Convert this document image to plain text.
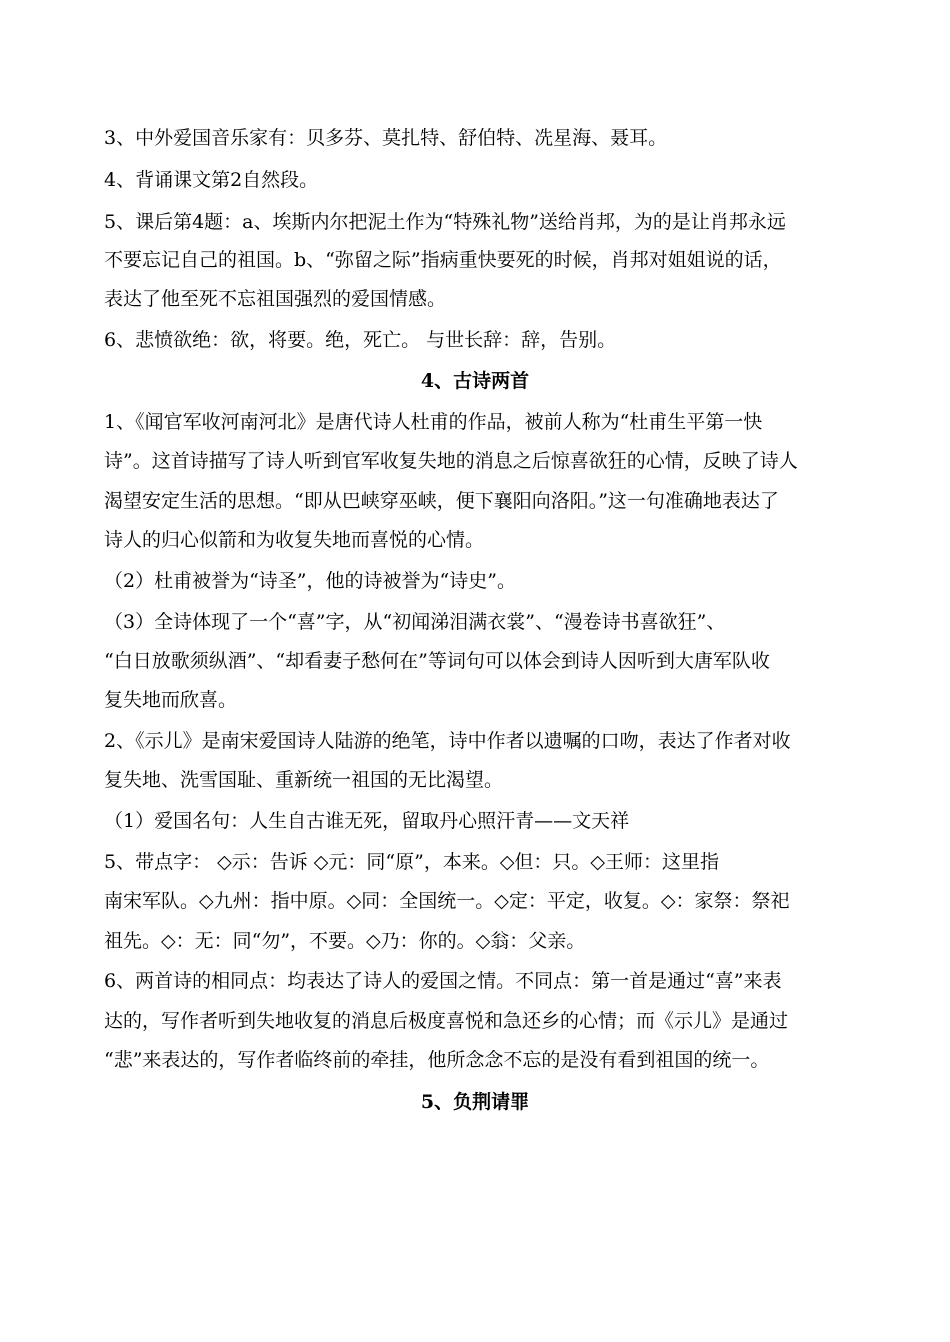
3、中外爱国音乐家有：贝多芬、莫扎特、舒伯特、冼星海、聂耳。
4、背诵课文第2自然段。
5、课后第4题：a、埃斯内尔把泥土作为“特殊礼物”送给肖邦，为的是让肖邦永远
不要忘记自己的祖国。b、“弥留之际”指病重快要死的时候，肖邦对姐姐说的话，
表达了他至死不忘祖国强烈的爱国情感。
6、悲愤欲绝：欲，将要。绝，死亡。 与世长辞：辞，告别。
4、古诗两首
1、《闻官军收河南河北》是唐代诗人杜甫的作品，被前人称为“杜甫生平第一快
诗”。这首诗描写了诗人听到官军收复失地的消息之后惊喜欲狂的心情，反映了诗人
渴望安定生活的思想。“即从巴峡穿巫峡，便下襄阳向洛阳。”这一句准确地表达了
诗人的归心似箭和为收复失地而喜悦的心情。
（2）杜甫被誉为“诗圣”，他的诗被誉为“诗史”。
（3）全诗体现了一个“喜”字，从“初闻涕泪满衣裳”、“漫卷诗书喜欲狂”、
“白日放歌须纵酒”、“却看妻子愁何在”等词句可以体会到诗人因听到大唐军队收
复失地而欣喜。
2、《示儿》是南宋爱国诗人陆游的绝笔，诗中作者以遗嘱的口吻，表达了作者对收
复失地、洗雪国耻、重新统一祖国的无比渴望。
（1）爱国名句：人生自古谁无死，留取丹心照汗青——文天祥
5、带点字： ◇示：告诉 ◇元：同“原”，本来。◇但：只。◇王师：这里指
南宋军队。◇九州：指中原。◇同：全国统一。◇定：平定，收复。◇：家祭：祭祀
祖先。◇：无：同“勿”，不要。◇乃：你的。◇翁：父亲。
6、两首诗的相同点：均表达了诗人的爱国之情。不同点：第一首是通过“喜”来表
达的，写作者听到失地收复的消息后极度喜悦和急还乡的心情；而《示儿》是通过
“悲”来表达的，写作者临终前的牵挂，他所念念不忘的是没有看到祖国的统一。
5、负荆请罪
